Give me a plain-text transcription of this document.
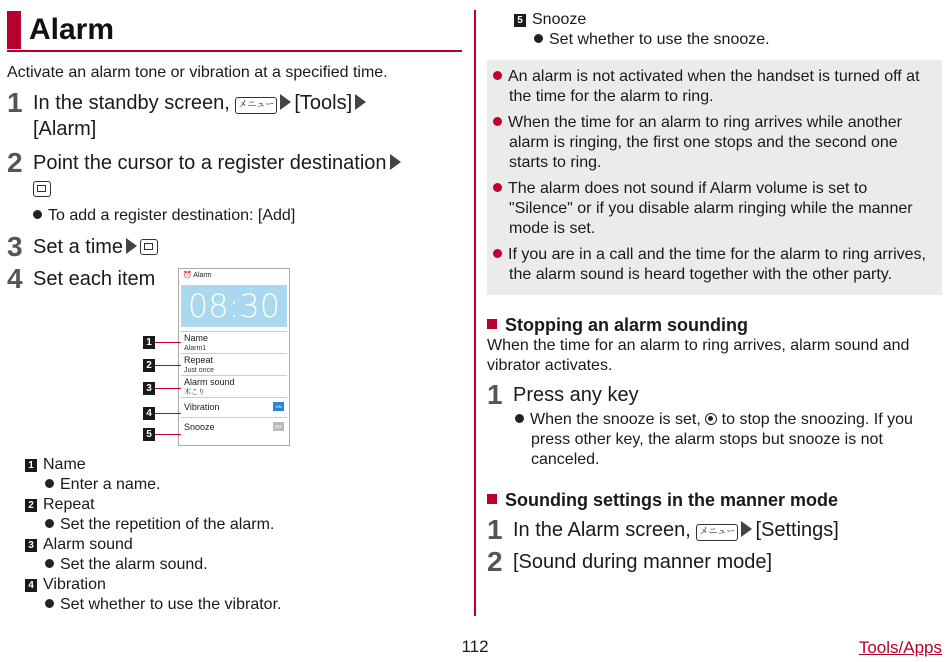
Alarm
Activate an alarm tone or vibration at a specified time.
1 In the standby screen, メニュー [Tools]
[Alarm]
2 Point the cursor to a register destination

To add a register destination: [Add]
3 Set a time
4 Set each item	⏰ Alarm
08:30
Name
Alarm1
Repeat
Just once
Alarm sound
木こり
Vibration	ON
Snooze	OFF
1
2
3
4
5
1 Name
Enter a name.
2 Repeat
Set the repetition of the alarm.
3 Alarm sound
Set the alarm sound.
4 Vibration
Set whether to use the vibrator.
5 Snooze
Set whether to use the snooze.
An alarm is not activated when the handset is turned off at the time for the alarm to ring.
When the time for an alarm to ring arrives while another alarm is ringing, the first one stops and the second one starts to ring.
The alarm does not sound if Alarm volume is set to "Silence" or if you disable alarm ringing while the manner mode is set.
If you are in a call and the time for the alarm to ring arrives, the alarm sound is heard together with the other party.
Stopping an alarm sounding
When the time for an alarm to ring arrives, alarm sound and vibrator activates.
1 Press any key
When the snooze is set,  to stop the snoozing. If you press other key, the alarm stops but snooze is not canceled.
Sounding settings in the manner mode
1 In the Alarm screen, メニュー [Settings]
2 [Sound during manner mode]
112	Tools/Apps
